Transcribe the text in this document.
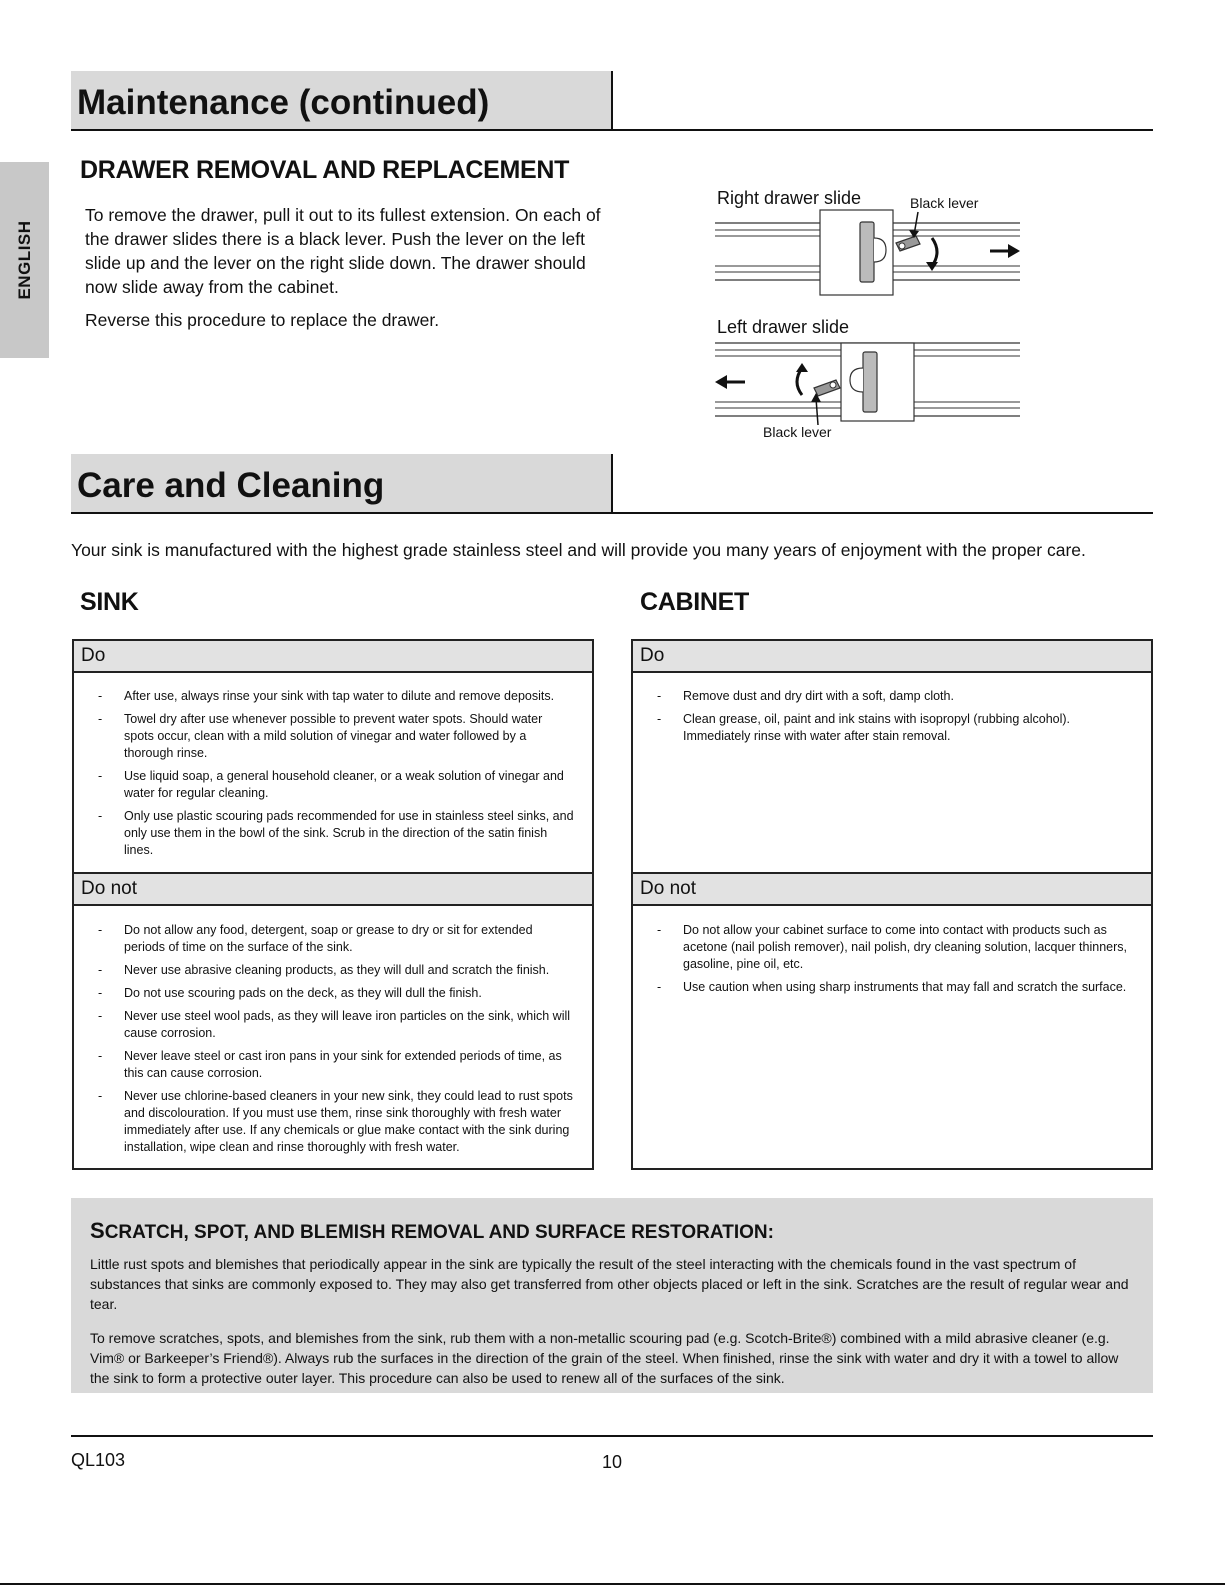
ENGLISH
Maintenance (continued)
DRAWER REMOVAL AND REPLACEMENT
To remove the drawer, pull it out to its fullest extension. On each of the drawer slides there is a black lever. Push the lever on the left slide up and the lever on the right slide down. The drawer should now slide away from the cabinet.
Reverse this procedure to replace the drawer.
Right drawer slide	Black lever
Left drawer slide
Black lever
Care and Cleaning
Your sink is manufactured with the highest grade stainless steel and will provide you many years of enjoyment with the proper care.
SINK	CABINET
Do
- After use, always rinse your sink with tap water to dilute and remove deposits.
- Towel dry after use whenever possible to prevent water spots. Should water spots occur, clean with a mild solution of vinegar and water followed by a thorough rinse.
- Use liquid soap, a general household cleaner, or a weak solution of vinegar and water for regular cleaning.
- Only use plastic scouring pads recommended for use in stainless steel sinks, and only use them in the bowl of the sink. Scrub in the direction of the satin finish lines.
Do not
- Do not allow any food, detergent, soap or grease to dry or sit for extended periods of time on the surface of the sink.
- Never use abrasive cleaning products, as they will dull and scratch the finish.
- Do not use scouring pads on the deck, as they will dull the finish.
- Never use steel wool pads, as they will leave iron particles on the sink, which will cause corrosion.
- Never leave steel or cast iron pans in your sink for extended periods of time, as this can cause corrosion.
- Never use chlorine-based cleaners in your new sink, they could lead to rust spots and discolouration. If you must use them, rinse sink thoroughly with fresh water immediately after use. If any chemicals or glue make contact with the sink during installation, wipe clean and rinse thoroughly with fresh water.
Do
- Remove dust and dry dirt with a soft, damp cloth.
- Clean grease, oil, paint and ink stains with isopropyl (rubbing alcohol). Immediately rinse with water after stain removal.
Do not
- Do not allow your cabinet surface to come into contact with products such as acetone (nail polish remover), nail polish, dry cleaning solution, lacquer thinners, gasoline, pine oil, etc.
- Use caution when using sharp instruments that may fall and scratch the surface.
SCRATCH, SPOT, AND BLEMISH REMOVAL AND SURFACE RESTORATION:
Little rust spots and blemishes that periodically appear in the sink are typically the result of the steel interacting with the chemicals found in the vast spectrum of substances that sinks are commonly exposed to. They may also get transferred from other objects placed or left in the sink. Scratches are the result of regular wear and tear.
To remove scratches, spots, and blemishes from the sink, rub them with a non-metallic scouring pad (e.g. Scotch-Brite®) combined with a mild abrasive cleaner (e.g. Vim® or Barkeeper’s Friend®). Always rub the surfaces in the direction of the grain of the steel. When finished, rinse the sink with water and dry it with a towel to allow the sink to form a protective outer layer. This procedure can also be used to renew all of the surfaces of the sink.
QL103	10
